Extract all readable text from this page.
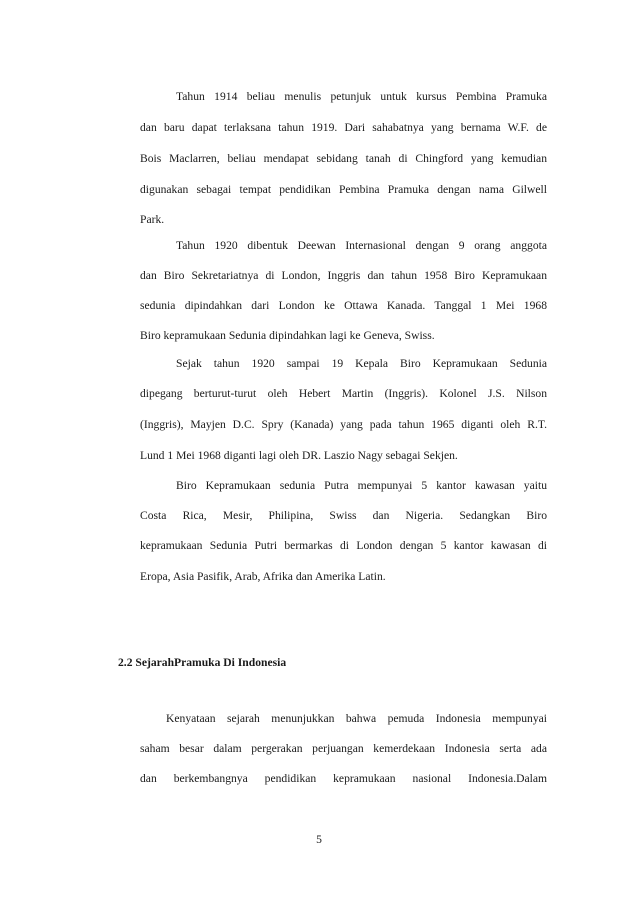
Tahun 1914 beliau menulis petunjuk untuk kursus Pembina Pramuka
dan baru dapat terlaksana tahun 1919. Dari sahabatnya yang bernama W.F. de
Bois Maclarren, beliau mendapat sebidang tanah di Chingford yang kemudian
digunakan sebagai tempat pendidikan Pembina Pramuka dengan nama Gilwell
Park.
Tahun 1920 dibentuk Deewan Internasional dengan 9 orang anggota
dan Biro Sekretariatnya di London, Inggris dan tahun 1958 Biro Kepramukaan
sedunia dipindahkan dari London ke Ottawa Kanada. Tanggal 1 Mei 1968
Biro kepramukaan Sedunia dipindahkan lagi ke Geneva, Swiss.
Sejak tahun 1920 sampai 19 Kepala Biro Kepramukaan Sedunia
dipegang berturut-turut oleh Hebert Martin (Inggris). Kolonel J.S. Nilson
(Inggris), Mayjen D.C. Spry (Kanada) yang pada tahun 1965 diganti oleh R.T.
Lund 1 Mei 1968 diganti lagi oleh DR. Laszio Nagy sebagai Sekjen.
Biro Kepramukaan sedunia Putra mempunyai 5 kantor kawasan yaitu
Costa Rica, Mesir, Philipina, Swiss dan Nigeria. Sedangkan Biro
kepramukaan Sedunia Putri bermarkas di London dengan 5 kantor kawasan di
Eropa, Asia Pasifik, Arab, Afrika dan Amerika Latin.
2.2 SejarahPramuka Di Indonesia
Kenyataan sejarah menunjukkan bahwa pemuda Indonesia mempunyai
saham besar dalam pergerakan perjuangan kemerdekaan Indonesia serta ada
dan berkembangnya pendidikan kepramukaan nasional Indonesia.Dalam
5
